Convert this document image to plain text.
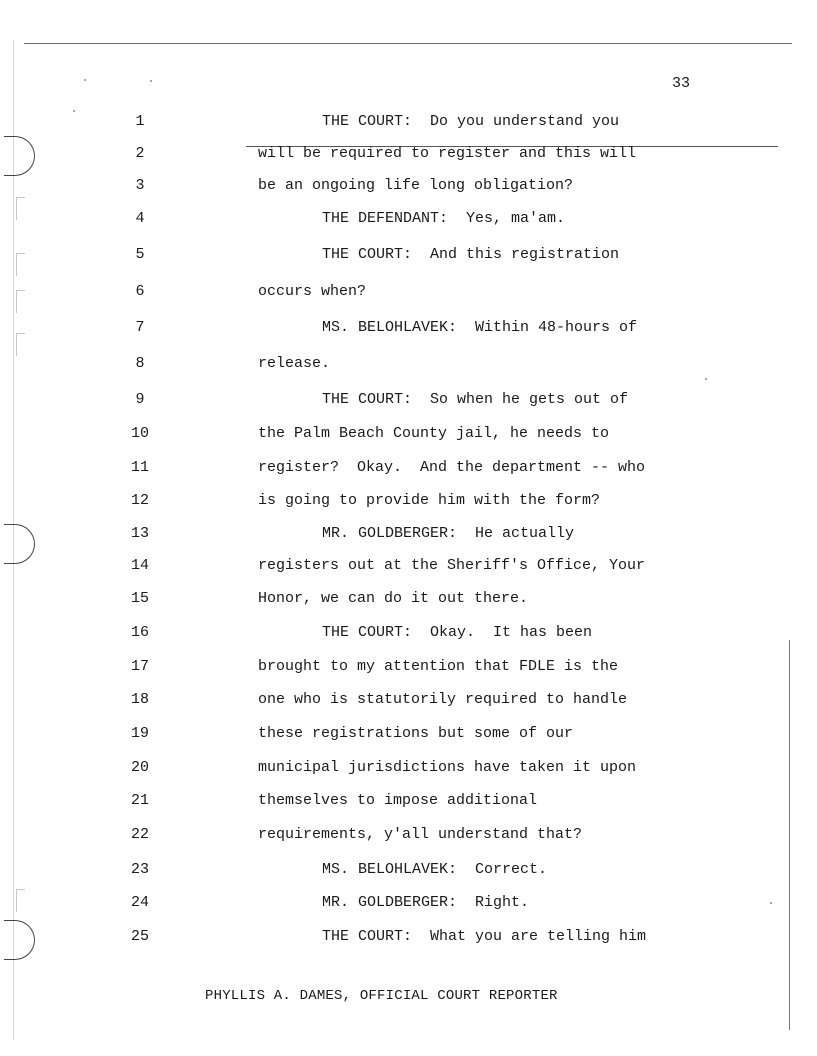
33
1	THE COURT:  Do you understand you
2	will be required to register and this will
3	be an ongoing life long obligation?
4	THE DEFENDANT:  Yes, ma'am.
5	THE COURT:  And this registration
6	occurs when?
7	MS. BELOHLAVEK:  Within 48-hours of
8	release.
9	THE COURT:  So when he gets out of
10	the Palm Beach County jail, he needs to
11	register?  Okay.  And the department -- who
12	is going to provide him with the form?
13	MR. GOLDBERGER:  He actually
14	registers out at the Sheriff's Office, Your
15	Honor, we can do it out there.
16	THE COURT:  Okay.  It has been
17	brought to my attention that FDLE is the
18	one who is statutorily required to handle
19	these registrations but some of our
20	municipal jurisdictions have taken it upon
21	themselves to impose additional
22	requirements, y'all understand that?
23	MS. BELOHLAVEK:  Correct.
24	MR. GOLDBERGER:  Right.
25	THE COURT:  What you are telling him
PHYLLIS A. DAMES, OFFICIAL COURT REPORTER
